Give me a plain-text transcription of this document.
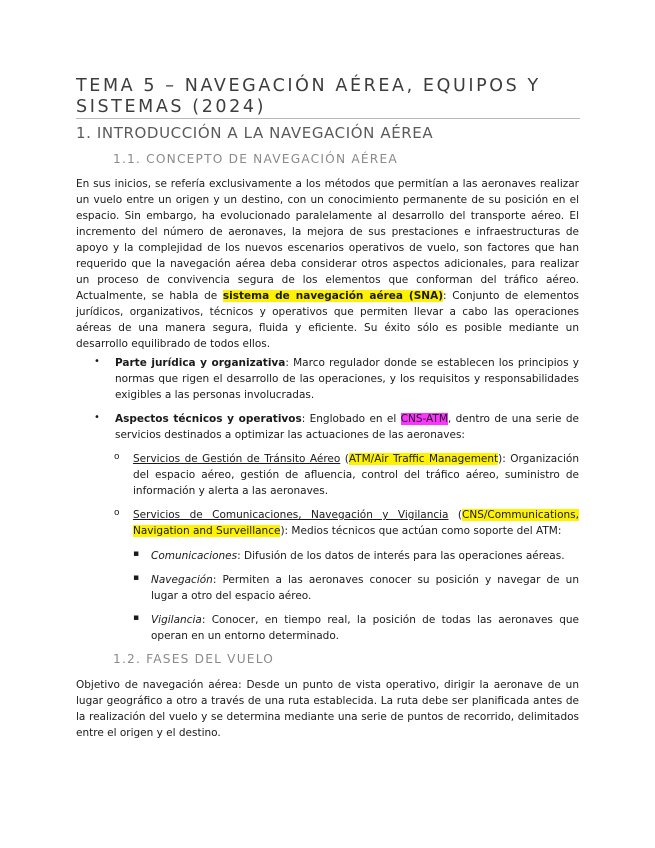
TEMA 5 – NAVEGACIÓN AÉREA, EQUIPOS Y SISTEMAS (2024)
1. INTRODUCCIÓN A LA NAVEGACIÓN AÉREA
1.1. CONCEPTO DE NAVEGACIÓN AÉREA

En sus inicios, se refería exclusivamente a los métodos que permitían a las aeronaves realizar un vuelo entre un origen y un destino, con un conocimiento permanente de su posición en el espacio. Sin embargo, ha evolucionado paralelamente al desarrollo del transporte aéreo. El incremento del número de aeronaves, la mejora de sus prestaciones e infraestructuras de apoyo y la complejidad de los nuevos escenarios operativos de vuelo, son factores que han requerido que la navegación aérea deba considerar otros aspectos adicionales, para realizar un proceso de convivencia segura de los elementos que conforman del tráfico aéreo. Actualmente, se habla de sistema de navegación aérea (SNA): Conjunto de elementos jurídicos, organizativos, técnicos y operativos que permiten llevar a cabo las operaciones aéreas de una manera segura, fluida y eficiente. Su éxito sólo es posible mediante un desarrollo equilibrado de todos ellos.

• Parte jurídica y organizativa: Marco regulador donde se establecen los principios y normas que rigen el desarrollo de las operaciones, y los requisitos y responsabilidades exigibles a las personas involucradas.

• Aspectos técnicos y operativos: Englobado en el CNS-ATM, dentro de una serie de servicios destinados a optimizar las actuaciones de las aeronaves:

o Servicios de Gestión de Tránsito Aéreo (ATM/Air Traffic Management): Organización del espacio aéreo, gestión de afluencia, control del tráfico aéreo, suministro de información y alerta a las aeronaves.

o Servicios de Comunicaciones, Navegación y Vigilancia (CNS/Communications, Navigation and Surveillance): Medios técnicos que actúan como soporte del ATM:

▪ Comunicaciones: Difusión de los datos de interés para las operaciones aéreas.

▪ Navegación: Permiten a las aeronaves conocer su posición y navegar de un lugar a otro del espacio aéreo.

▪ Vigilancia: Conocer, en tiempo real, la posición de todas las aeronaves que operan en un entorno determinado.

1.2. FASES DEL VUELO

Objetivo de navegación aérea: Desde un punto de vista operativo, dirigir la aeronave de un lugar geográfico a otro a través de una ruta establecida. La ruta debe ser planificada antes de la realización del vuelo y se determina mediante una serie de puntos de recorrido, delimitados entre el origen y el destino.
